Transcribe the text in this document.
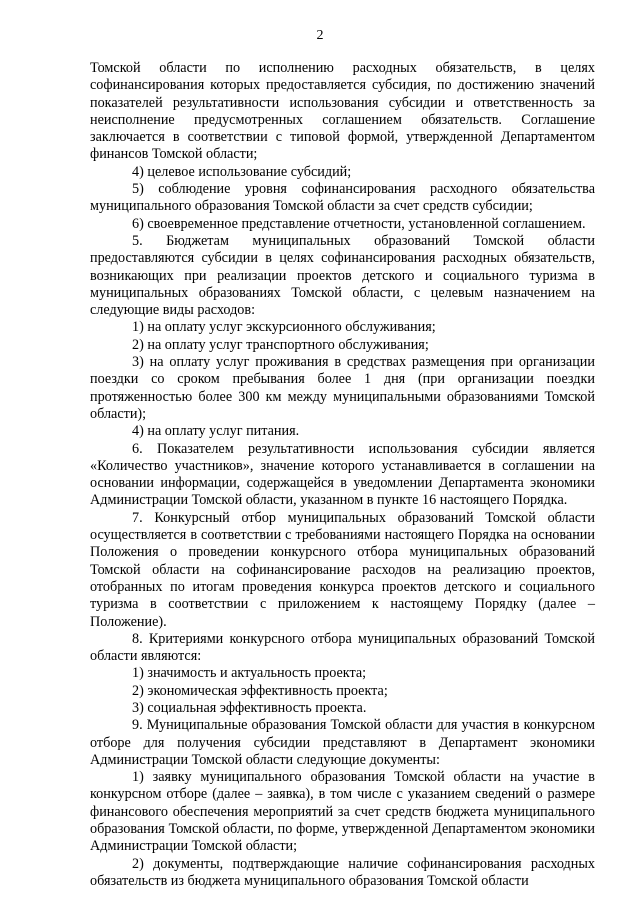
2

Томской области по исполнению расходных обязательств, в целях софинансирования которых предоставляется субсидия, по достижению значений показателей результативности использования субсидии и ответственность за неисполнение предусмотренных соглашением обязательств. Соглашение заключается в соответствии с типовой формой, утвержденной Департаментом финансов Томской области;

4) целевое использование субсидий;

5) соблюдение уровня софинансирования расходного обязательства муниципального образования Томской области за счет средств субсидии;

6) своевременное представление отчетности, установленной соглашением.

5. Бюджетам муниципальных образований Томской области предоставляются субсидии в целях софинансирования расходных обязательств, возникающих при реализации проектов детского и социального туризма в муниципальных образованиях Томской области, с целевым назначением на следующие виды расходов:

1) на оплату услуг экскурсионного обслуживания;

2) на оплату услуг транспортного обслуживания;

3) на оплату услуг проживания в средствах размещения при организации поездки со сроком пребывания более 1 дня (при организации поездки протяженностью более 300 км между муниципальными образованиями Томской области);

4) на оплату услуг питания.

6. Показателем результативности использования субсидии является «Количество участников», значение которого устанавливается в соглашении на основании информации, содержащейся в уведомлении Департамента экономики Администрации Томской области, указанном в пункте 16 настоящего Порядка.

7. Конкурсный отбор муниципальных образований Томской области осуществляется в соответствии с требованиями настоящего Порядка на основании Положения о проведении конкурсного отбора муниципальных образований Томской области на софинансирование расходов на реализацию проектов, отобранных по итогам проведения конкурса проектов детского и социального туризма в соответствии с приложением к настоящему Порядку (далее – Положение).

8. Критериями конкурсного отбора муниципальных образований Томской области являются:

1) значимость и актуальность проекта;

2) экономическая эффективность проекта;

3) социальная эффективность проекта.

9. Муниципальные образования Томской области для участия в конкурсном отборе для получения субсидии представляют в Департамент экономики Администрации Томской области следующие документы:

1) заявку муниципального образования Томской области на участие в конкурсном отборе (далее – заявка), в том числе с указанием сведений о размере финансового обеспечения мероприятий за счет средств бюджета муниципального образования Томской области, по форме, утвержденной Департаментом экономики Администрации Томской области;

2) документы, подтверждающие наличие софинансирования расходных обязательств из бюджета муниципального образования Томской области
